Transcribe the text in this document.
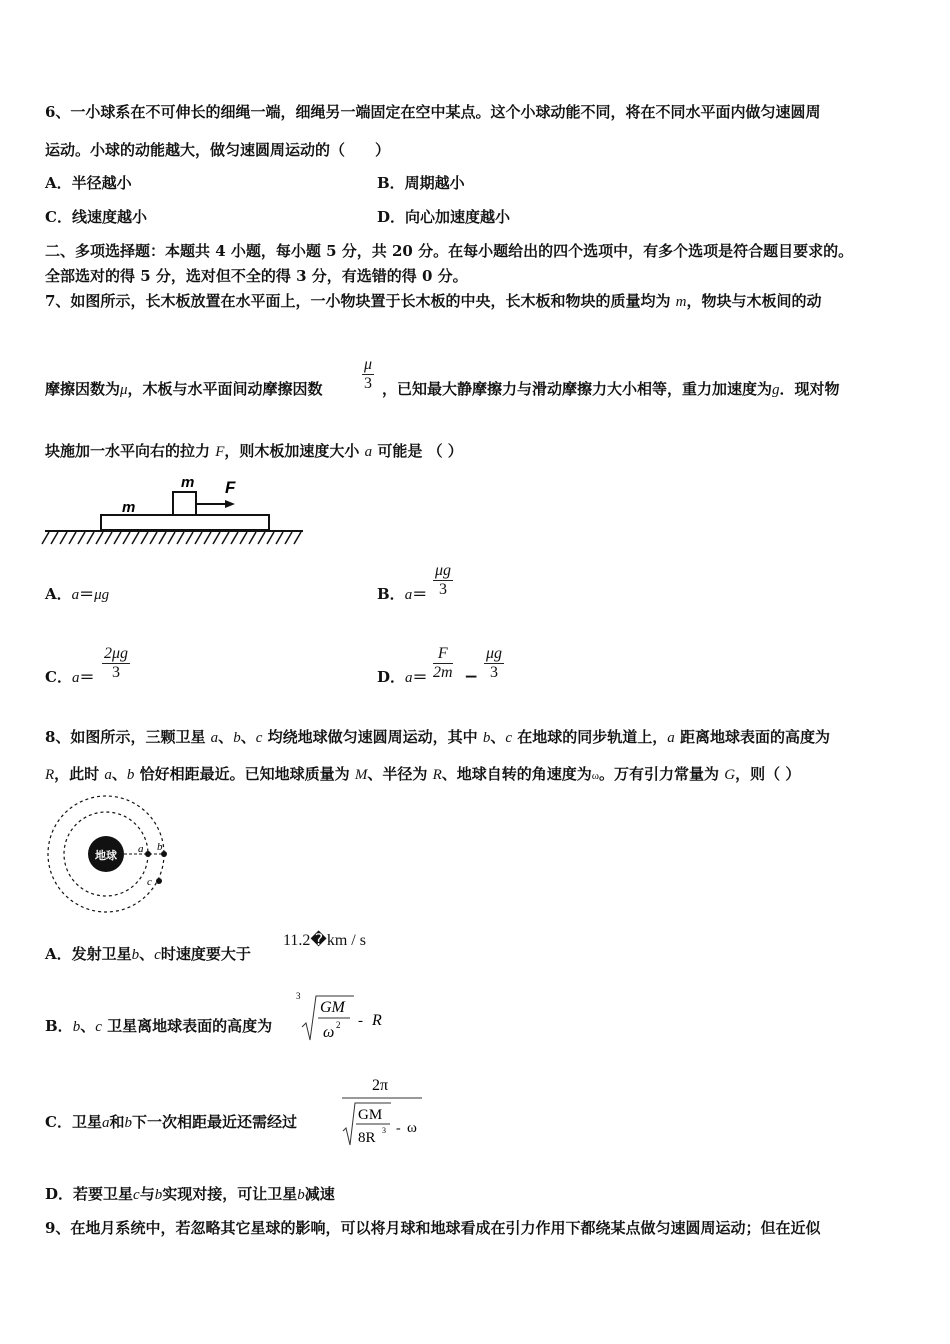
6、一小球系在不可伸长的细绳一端，细绳另一端固定在空中某点。这个小球动能不同，将在不同水平面内做匀速圆周
运动。小球的动能越大，做匀速圆周运动的（　　）
A．半径越小	B．周期越小
C．线速度越小	D．向心加速度越小
二、多项选择题：本题共 4 小题，每小题 5 分，共 20 分。在每小题给出的四个选项中，有多个选项是符合题目要求的。
全部选对的得 5 分，选对但不全的得 3 分，有选错的得 0 分。
7、如图所示，长木板放置在水平面上，一小物块置于长木板的中央，长木板和物块的质量均为 m，物块与木板间的动
$\frac{\mu}{3}$
摩擦因数为μ，木板与水平面间动摩擦因数	，已知最大静摩擦力与滑动摩擦力大小相等，重力加速度为g．现对物
块施加一水平向右的拉力 F，则木板加速度大小 a 可能是 （ ）
m
m
F
A．a＝μg	B．$a= \frac{\mu g}{3}$
C．$a= \frac{2\mu g}{3}$	D．$a= \frac{F}{2m} - \frac{\mu g}{3}$
8、如图所示，三颗卫星 a、b、c 均绕地球做匀速圆周运动，其中 b、c 在地球的同步轨道上，a 距离地球表面的高度为
R，此时 a、b 恰好相距最近。已知地球质量为 M、半径为 R、地球自转的角速度为ω。万有引力常量为 G，则（ ）
地球 a b
c
A．发射卫星b、c时速度要大于
11.2�km / s
B．b、c 卫星离地球表面的高度为
3
GM
ω 2 - R
C．卫星a和b下一次相距最近还需经过
2π
GM
8R 3 - ω
D．若要卫星c与b实现对接，可让卫星b减速
9、在地月系统中，若忽略其它星球的影响，可以将月球和地球看成在引力作用下都绕某点做匀速圆周运动；但在近似
